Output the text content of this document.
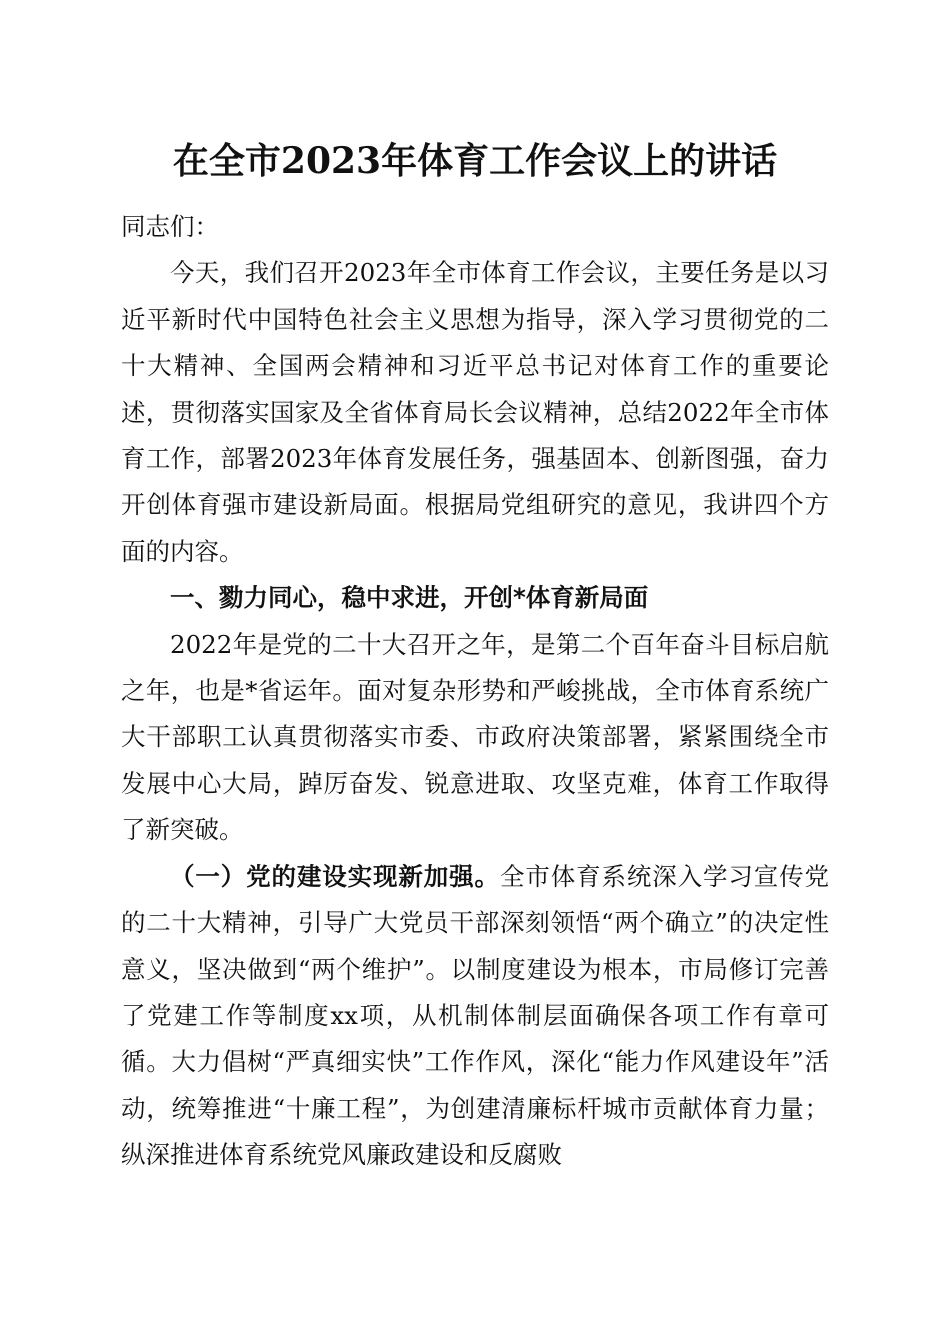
在全市2023年体育工作会议上的讲话

同志们：

今天，我们召开2023年全市体育工作会议，主要任务是以习近平新时代中国特色社会主义思想为指导，深入学习贯彻党的二十大精神、全国两会精神和习近平总书记对体育工作的重要论述，贯彻落实国家及全省体育局长会议精神，总结2022年全市体育工作，部署2023年体育发展任务，强基固本、创新图强，奋力开创体育强市建设新局面。根据局党组研究的意见，我讲四个方面的内容。

一、勠力同心，稳中求进，开创*体育新局面

2022年是党的二十大召开之年，是第二个百年奋斗目标启航之年，也是*省运年。面对复杂形势和严峻挑战，全市体育系统广大干部职工认真贯彻落实市委、市政府决策部署，紧紧围绕全市发展中心大局，踔厉奋发、锐意进取、攻坚克难，体育工作取得了新突破。

（一）党的建设实现新加强。全市体育系统深入学习宣传党的二十大精神，引导广大党员干部深刻领悟“两个确立”的决定性意义，坚决做到“两个维护”。以制度建设为根本，市局修订完善了党建工作等制度xx项，从机制体制层面确保各项工作有章可循。大力倡树“严真细实快”工作作风，深化“能力作风建设年”活动，统筹推进“十廉工程”，为创建清廉标杆城市贡献体育力量；纵深推进体育系统党风廉政建设和反腐败
